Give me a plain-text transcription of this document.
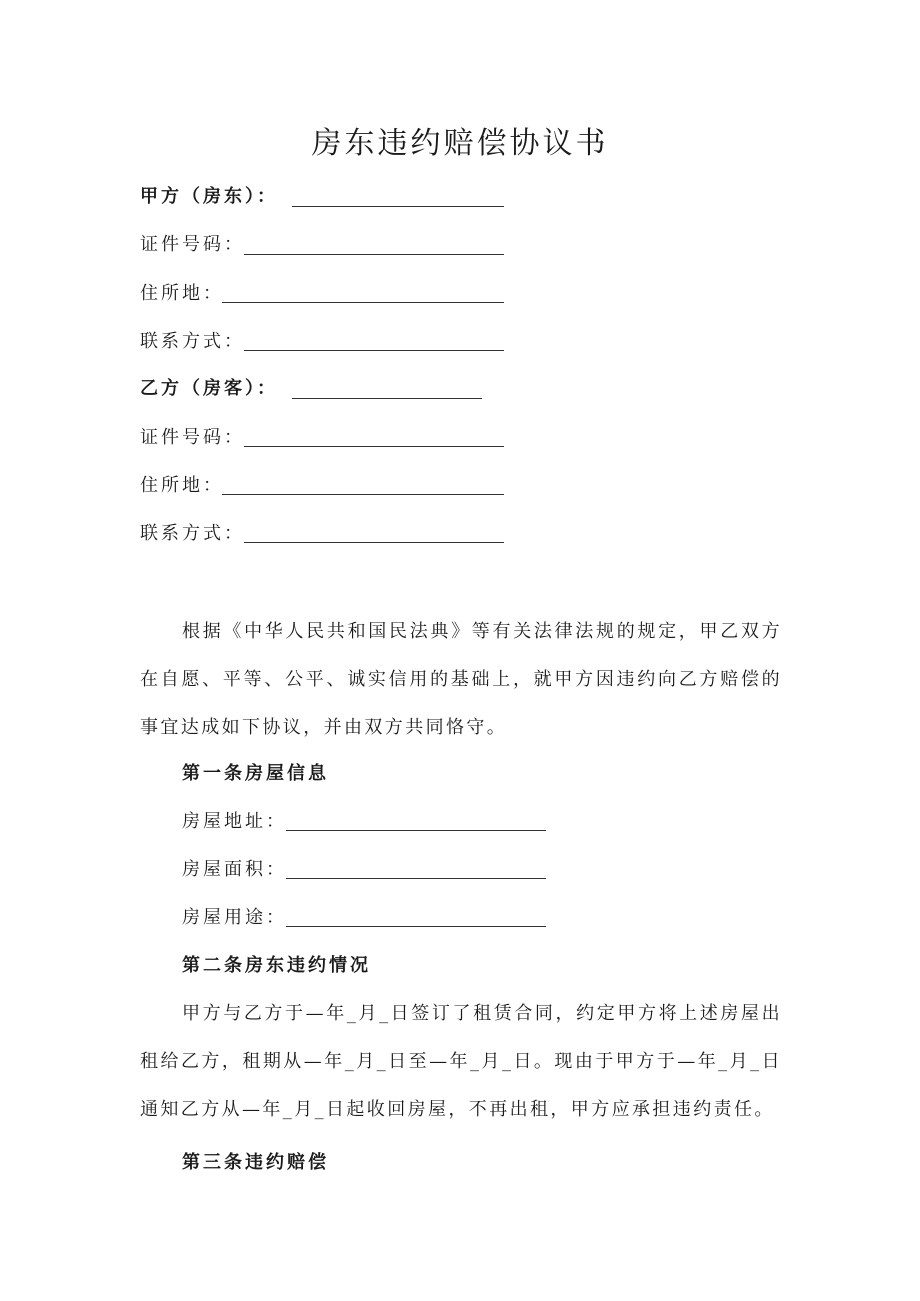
房东违约赔偿协议书
甲方（房东）：
证件号码：
住所地：
联系方式：
乙方（房客）：
证件号码：
住所地：
联系方式：

根据《中华人民共和国民法典》等有关法律法规的规定，甲乙双方在自愿、平等、公平、诚实信用的基础上，就甲方因违约向乙方赔偿的事宜达成如下协议，并由双方共同恪守。

第一条房屋信息
房屋地址：
房屋面积：
房屋用途：
第二条房东违约情况

甲方与乙方于—年_月_日签订了租赁合同，约定甲方将上述房屋出租给乙方，租期从—年_月_日至—年_月_日。现由于甲方于—年_月_日通知乙方从—年_月_日起收回房屋，不再出租，甲方应承担违约责任。

第三条违约赔偿
